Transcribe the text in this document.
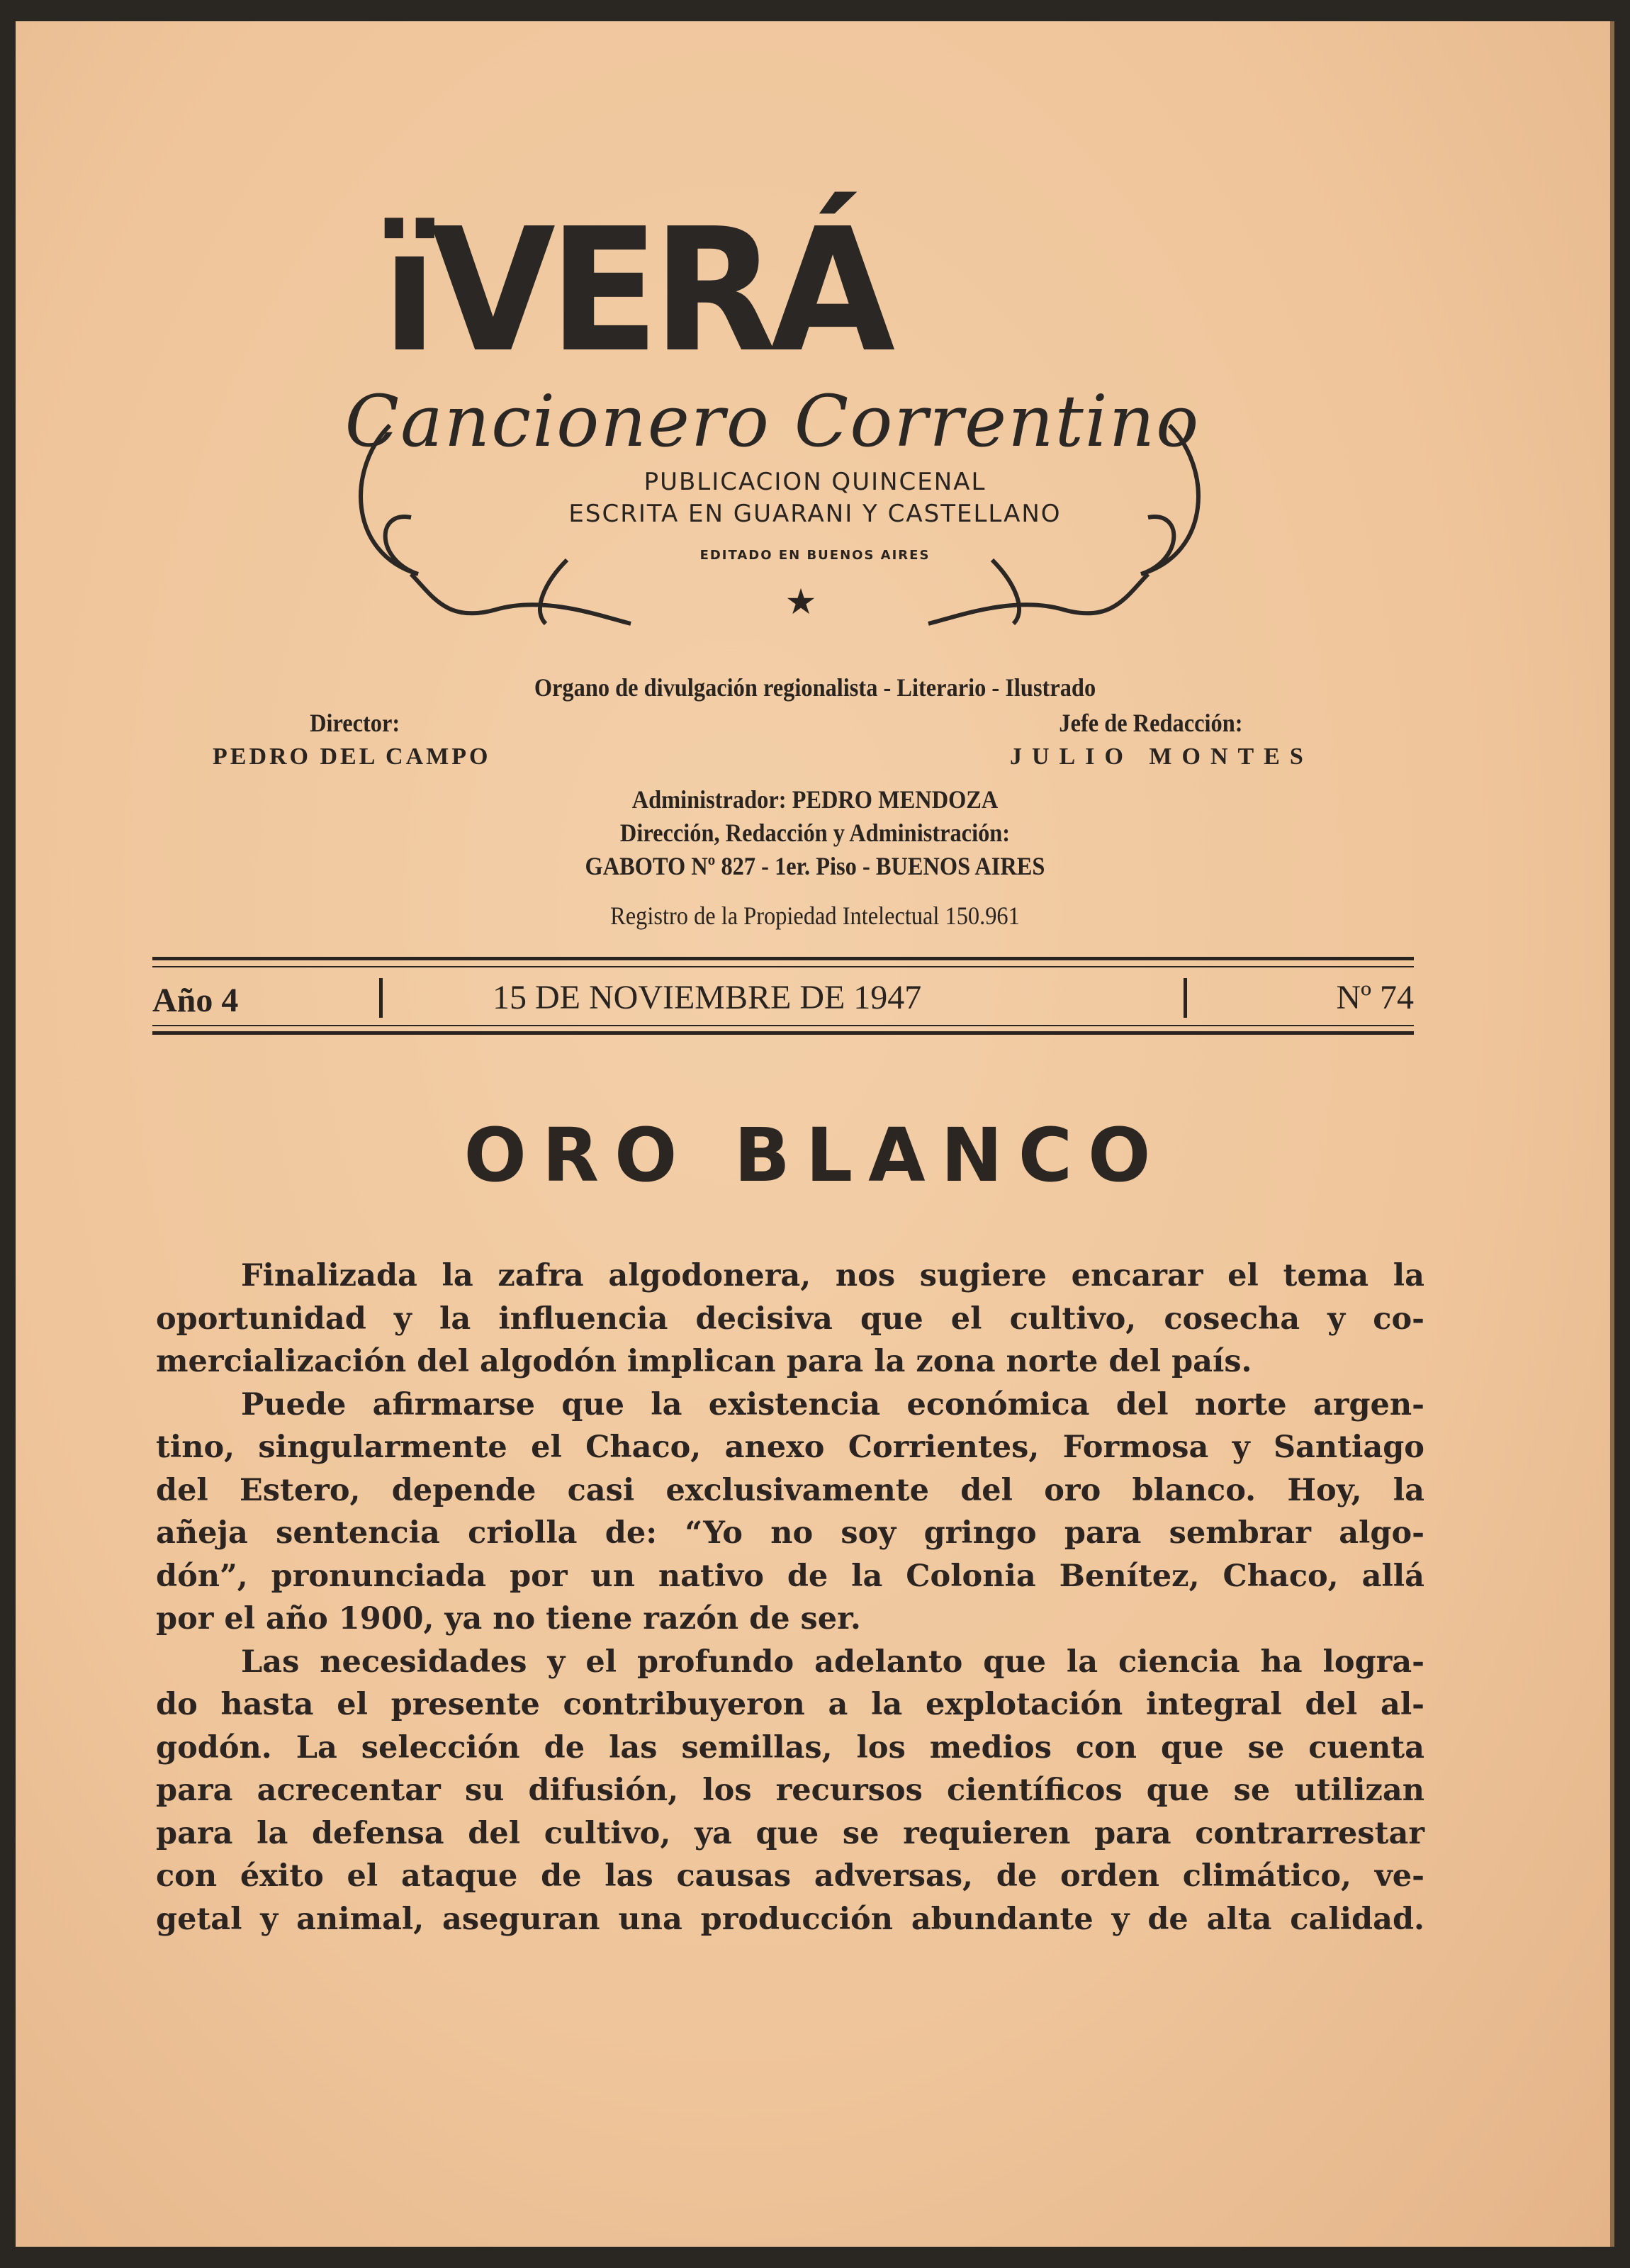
ïVERÁ
Cancionero Correntino
PUBLICACION QUINCENAL
ESCRITA EN GUARANI Y CASTELLANO
EDITADO EN BUENOS AIRES
★
Organo de divulgación regionalista - Literario - Ilustrado
Director:
PEDRO DEL CAMPO
Jefe de Redacción:
JULIO MONTES
Administrador: PEDRO MENDOZA
Dirección, Redacción y Administración:
GABOTO Nº 827 - 1er. Piso - BUENOS AIRES
Registro de la Propiedad Intelectual 150.961
Año 4	15 DE NOVIEMBRE DE 1947	Nº 74
ORO BLANCO
Finalizada la zafra algodonera, nos sugiere encarar el tema la
oportunidad y la influencia decisiva que el cultivo, cosecha y co-
mercialización del algodón implican para la zona norte del país.
Puede afirmarse que la existencia económica del norte argen-
tino, singularmente el Chaco, anexo Corrientes, Formosa y Santiago
del Estero, depende casi exclusivamente del oro blanco. Hoy, la
añeja sentencia criolla de: “Yo no soy gringo para sembrar algo-
dón”, pronunciada por un nativo de la Colonia Benítez, Chaco, allá
por el año 1900, ya no tiene razón de ser.
Las necesidades y el profundo adelanto que la ciencia ha logra-
do hasta el presente contribuyeron a la explotación integral del al-
godón. La selección de las semillas, los medios con que se cuenta
para acrecentar su difusión, los recursos científicos que se utilizan
para la defensa del cultivo, ya que se requieren para contrarrestar
con éxito el ataque de las causas adversas, de orden climático, ve-
getal y animal, aseguran una producción abundante y de alta calidad.
